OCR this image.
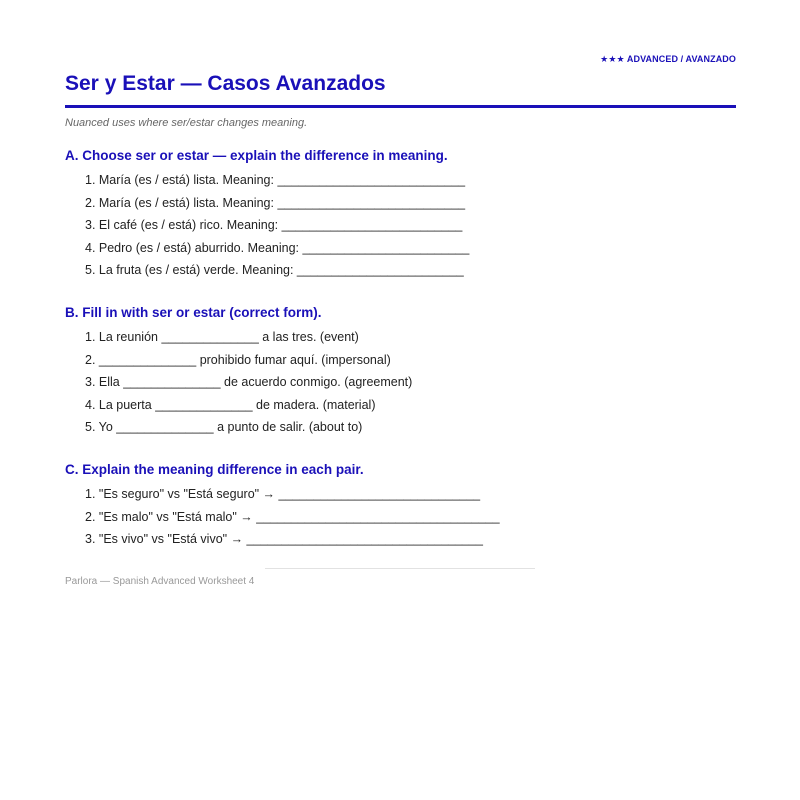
★★★ ADVANCED / AVANZADO
Ser y Estar — Casos Avanzados
Nuanced uses where ser/estar changes meaning.
A. Choose ser or estar — explain the difference in meaning.
1. María (es / está) lista. Meaning: ___________________________
2. María (es / está) lista. Meaning: ___________________________
3. El café (es / está) rico. Meaning: __________________________
4. Pedro (es / está) aburrido. Meaning: ________________________
5. La fruta (es / está) verde. Meaning: ________________________
B. Fill in with ser or estar (correct form).
1. La reunión ______________ a las tres. (event)
2. ______________ prohibido fumar aquí. (impersonal)
3. Ella ______________ de acuerdo conmigo. (agreement)
4. La puerta ______________ de madera. (material)
5. Yo ______________ a punto de salir. (about to)
C. Explain the meaning difference in each pair.
1. "Es seguro" vs "Está seguro" → _____________________________
2. "Es malo" vs "Está malo" → ___________________________________
3. "Es vivo" vs "Está vivo" → __________________________________
Parlora — Spanish Advanced Worksheet 4
